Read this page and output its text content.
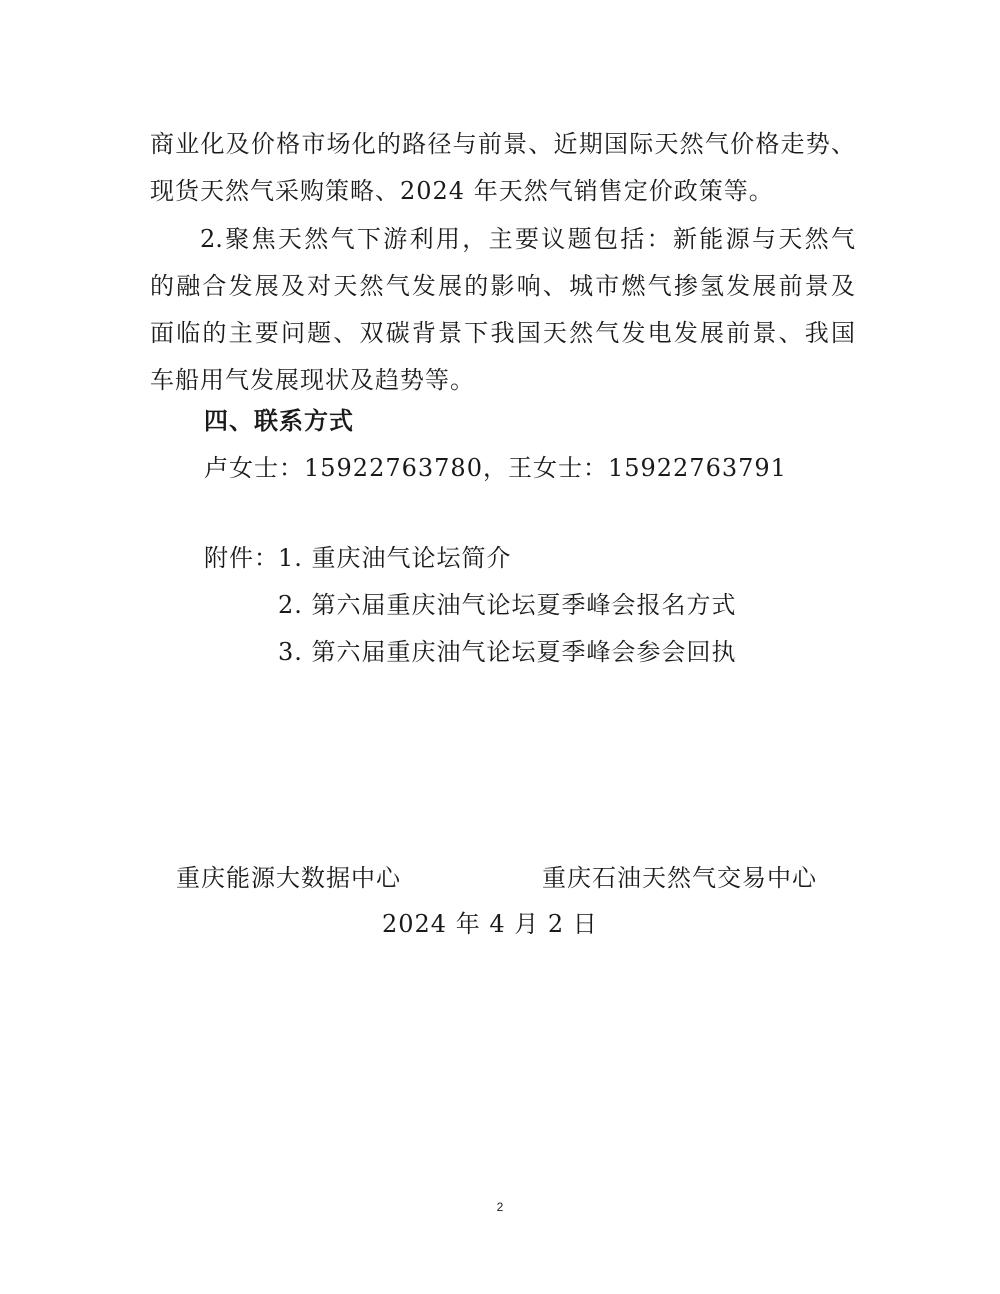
商业化及价格市场化的路径与前景、近期国际天然气价格走势、
现货天然气采购策略、2024 年天然气销售定价政策等。
2.聚焦天然气下游利用，主要议题包括：新能源与天然气
的融合发展及对天然气发展的影响、城市燃气掺氢发展前景及
面临的主要问题、双碳背景下我国天然气发电发展前景、我国
车船用气发展现状及趋势等。
四、联系方式
卢女士：15922763780，王女士：15922763791
附件： 1. 重庆油气论坛简介
2. 第六届重庆油气论坛夏季峰会报名方式
3. 第六届重庆油气论坛夏季峰会参会回执
重庆能源大数据中心	重庆石油天然气交易中心
2024 年 4 月 2 日
2
